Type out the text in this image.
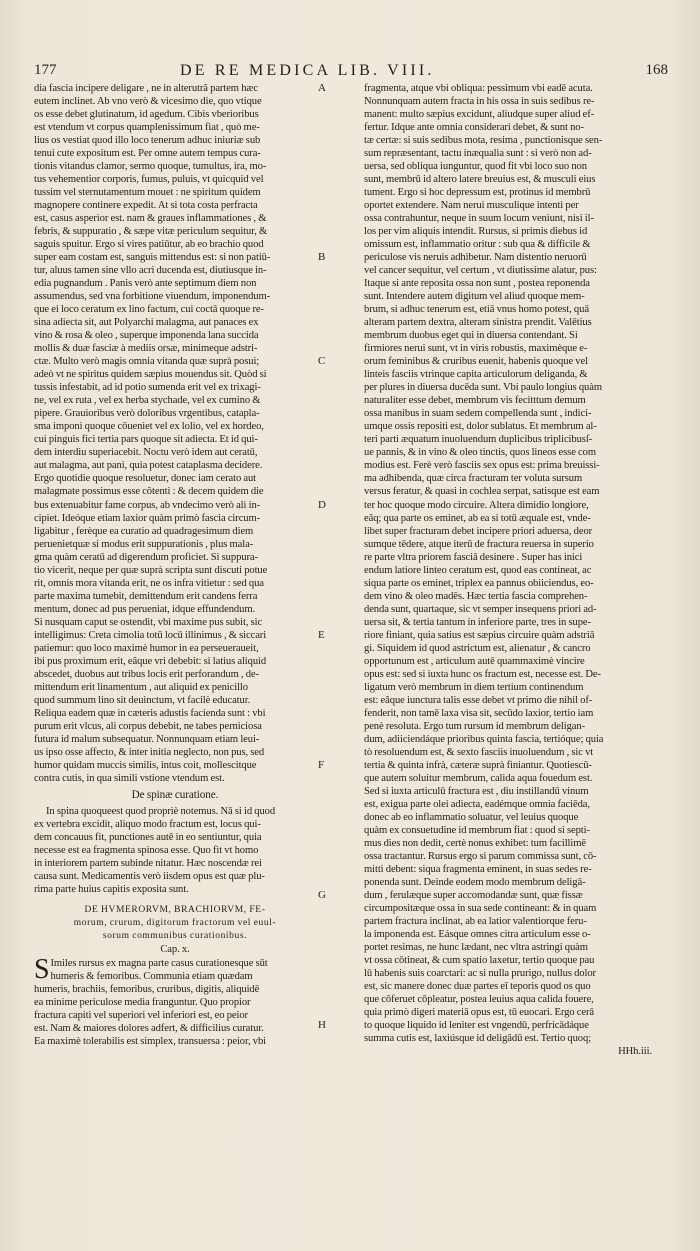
177	DE RE MEDICA LIB. VIII.	168
dia fascia incipere deligare , ne in alterutrã partem hæc
eutem inclinet. Ab vno verò & vicesimo die, quo vtique
os esse debet glutinatum, id agedum. Cibis vberioribus
est vtendum vt corpus quamplenissimum fiat , quò me-
lius os vestiat quod illo loco tenerum adhuc iniuriæ sub
tenui cute expositum est. Per omne autem tempus cura-
tionis vitandus clamor, sermo quoque, tumultus, ira, mo-
tus vehementior corporis, fumus, puluis, vt quicquid vel
tussim vel sternutamentum mouet : ne spiritum quidem
magnopere continere expedit. At si tota costa perfracta
est, casus asperior est. nam & graues inflammationes , &
febris, & suppuratio , & sæpe vitæ periculum sequitur, &
saguis spuitur. Ergo si vires patiūtur, ab eo brachio quod
super eam costam est, sanguis mittendus est: si non patiū-
tur, aluus tamen sine vllo acri ducenda est, diutiusque in-
edia pugnandum . Panis verò ante septimum diem non
assumendus, sed vna forbitione viuendum, imponendum-
que ei loco ceratum ex lino factum, cui coctā quoque re-
sina adiecta sit, aut Polyarchi malagma, aut panaces ex
vino & rosa & oleo , superque imponenda lana succida
mollis & duæ fasciæ à mediis orsæ, minimeque adstri-
ctæ. Multo verò magis omnia vitanda quæ suprà posui;
adeò vt ne spiritus quidem sæpius mouendus sit. Quòd si
tussis infestabit, ad id potio sumenda erit vel ex trixagi-
ne, vel ex ruta , vel ex herba stychade, vel ex cumino &
pipere. Grauioribus verò doloribus vrgentibus, catapla-
sma imponi quoque cōueniet vel ex lolio, vel ex hordeo,
cui pinguis fici tertia pars quoque sit adiecta. Et id qui-
dem interdiu superiacebit. Noctu verò idem aut ceratū,
aut malagma, aut pani, quia potest cataplasma decidere.
Ergo quotidie quoque resoluetur, donec iam cerato aut
malagmate possimus esse côtenti : & decem quidem die
bus extenuabitur fame corpus, ab vndecimo verò ali in-
cipiet. Ideóque etiam laxior quàm primò fascia circum-
ligabitur , ferèque ea curatio ad quadragesimum diem
peruenietquæ si modus erit suppurationis , plus mala-
gma quàm ceratū ad digerendum proficiet. Si suppura-
tio vicerit, neque per quæ suprà scripta sunt discuti potue
rit, omnis mora vitanda erit, ne os infra vitietur : sed qua
parte maxima tumebit, demittendum erit candens ferra
mentum, donec ad pus perueniat, idque effundendum.
Si nusquam caput se ostendit, vbi maxime pus subit, sic
intelligimus: Creta cimolia totū locū illinimus , & siccari
patiemur: quo loco maximè humor in ea perseueraueit,
ibi pus proximum erit, eâque vri debebit: si latius aliquid
abscedet, duobus aut tribus locis erit perforandum , de-
mittendum erit linamentum , aut aliquid ex penicillo
quod summum lino sit deuinctum, vt facilè educatur.
Reliqua eadem quæ in cæteris adustis facienda sunt : vbi
purum erit vlcus, ali corpus debebit, ne tabes perniciosa
futura id malum subsequatur. Nonnunquam etiam leui-
us ipso osse affecto, & inter initia neglecto, non pus, sed
humor quidam muccis similis, intus coit, mollescitque
contra cutis, in qua simili vstione vtendum est.
De spinæ curatione.
In spina quoqueest quod propriè notemus. Nā si id quod
ex vertebra excidit, aliquo modo fractum est, locus qui-
dem concauus fit, punctiones autē in eo sentiuntur, quia
necesse est ea fragmenta spinosa esse. Quo fit vt homo
in interiorem partem subinde nitatur. Hæc noscendæ rei
causa sunt. Medicamentis verò iisdem opus est quæ plu-
rima parte huius capitis exposita sunt.
DE HVMERORVM, BRACHIORVM, FE-
morum, crurum, digitorum fractorum vel euul-
sorum communibus curationibus.
Cap. x.
S Imiles rursus ex magna parte casus curationesque sūt
humeris & femoribus. Communia etiam quædam
humeris, brachiis, femoribus, cruribus, digitis, aliquidē
ea minime periculose media franguntur. Quo propior
fractura capiti vel superiori vel inferiori est, eo peior
est. Nam & maiores dolores adfert, & difficilius curatur.
Ea maximè tolerabilis est simplex, transuersa : peior, vbi
A
B
C
D
E
F
G
H
fragmenta, atque vbi obliqua: pessimum vbi eadē acuta.
Nonnunquam autem fracta in his ossa in suis sedibus re-
manent: multo sæpius excidunt, aliudque super aliud ef-
fertur. Idque ante omnia considerari debet, & sunt no-
tæ certæ: si suis sedibus mota, resima , punctionisque sen-
sum repræsentant, tactu inæqualia sunt : si verò non ad-
uersa, sed obliqua iunguntur, quod fit vbi loco suo non
sunt, membrū id altero latere breuius est, & musculi eius
tument. Ergo si hoc depressum est, protinus id membrū
oportet extendere. Nam nerui musculique intenti per
ossa contrahuntur, neque in suum locum veniunt, nisi il-
los per vim aliquis intendit. Rursus, si primis diebus id
omissum est, inflammatio oritur : sub qua & difficile &
periculose vis neruis adhibetur. Nam distentio neruorū
vel cancer sequitur, vel certum , vt diutissime alatur, pus:
Itaque si ante reposita ossa non sunt , postea reponenda
sunt. Intendere autem digitum vel aliud quoque mem-
brum, si adhuc tenerum est, etiā vnus homo potest, quā
alteram partem dextra, alteram sinistra prendit. Valētius
membrum duobus eget qui in diuersa contendant. Si
firmiores nerui sunt, vt in viris robustis, maximèque e-
orum feminibus & cruribus euenit, habenis quoque vel
linteis fasciis vtrinque capita articulorum deliganda, &
per plures in diuersa ducēda sunt. Vbi paulo longius quàm
naturaliter esse debet, membrum vis fecitttum demum
ossa manibus in suam sedem compellenda sunt , indici-
umque ossis repositi est, dolor sublatus. Et membrum al-
teri parti æquatum inuoluendum duplicibus triplicibusſ-
ue pannis, & in vino & oleo tinctis, quos lineos esse com
modius est. Ferè verò fasciis sex opus est: prima breuissi-
ma adhibenda, quæ circa fracturam ter voluta sursum
versus feratur, & quasi in cochlea serpat, satisque est eam
ter hoc quoque modo circuire. Altera dimidio longiore,
eâq; qua parte os eminet, ab ea si totū æquale est, vnde-
libet super fracturam debet incipere priori aduersa, deor
sumque tēdere, atque iterū de fractura reuersa in superio
re parte vltra priorem fasciā desinere . Super has inici
endum latiore linteo ceratum est, quod eas contineat, ac
siqua parte os eminet, triplex ea pannus obiiciendus, eo-
dem vino & oleo madēs. Hæc tertia fascia comprehen-
denda sunt, quartaque, sic vt semper insequens priori ad-
uersa sit, & tertia tantum in inferiore parte, tres in supe-
riore finiant, quia satius est sæpius circuire quàm adstriā
gi. Siquidem id quod astrictum est, alienatur , & cancro
opportunum est , articulum autē quammaximè vincire
opus est: sed si iuxta hunc os fractum est, necesse est. De-
ligatum verò membrum in diem tertium continendum
est: eâque iunctura talis esse debet vt primo die nihil of-
fenderit, non tamē laxa visa sit, secūdo laxior, tertio iam
penè resoluta. Ergo tum rursum id membrum deligan-
dum, adiiciendáque prioribus quinta fascia, tertióque; quia
tò resoluendum est, & sexto fasciis inuoluendum , sic vt
tertia & quinta infrà, cæteræ suprà finiantur. Quotiescū-
que autem soluitur membrum, calida aqua fouedum est.
Sed si iuxta articulū fractura est , diu instillandū vinum
est, exigua parte olei adiecta, eadémque omnia faciēda,
donec ab eo inflammatio soluatur, vel leuius quoque
quàm ex consuetudine id membrum fiat : quod si septi-
mus dies non dedit, certè nonus exhibet: tum facillimē
ossa tractantur. Rursus ergo si parum commissa sunt, cō-
mitti debent: siqua fragmenta eminent, in suas sedes re-
ponenda sunt. Deinde eodem modo membrum deligā-
dum , ferulæque super accomodandæ sunt, quæ fissæ
circumpositæque ossa in sua sede contineant: & in quam
partem fractura inclinat, ab ea latior valentiorque feru-
la imponenda est. Eásque omnes citra articulum esse o-
portet resimas, ne hunc lædant, nec vltra astringi quàm
vt ossa cōtineat, & cum spatio laxetur, tertio quoque pau
lū habenis suis coarctari: ac si nulla prurigo, nullus dolor
est, sic manere donec duæ partes eī teporis quod os quo
que cōferuet cōpleatur, postea leuius aqua calida fouere,
quia primò digeri materiā opus est, tū euocari. Ergo cerā
to quoque liquido id leniter est vngendū, perfricādáque
summa cutis est, laxiúsque id deligādū est. Tertio quoq;
HHh.iii.
